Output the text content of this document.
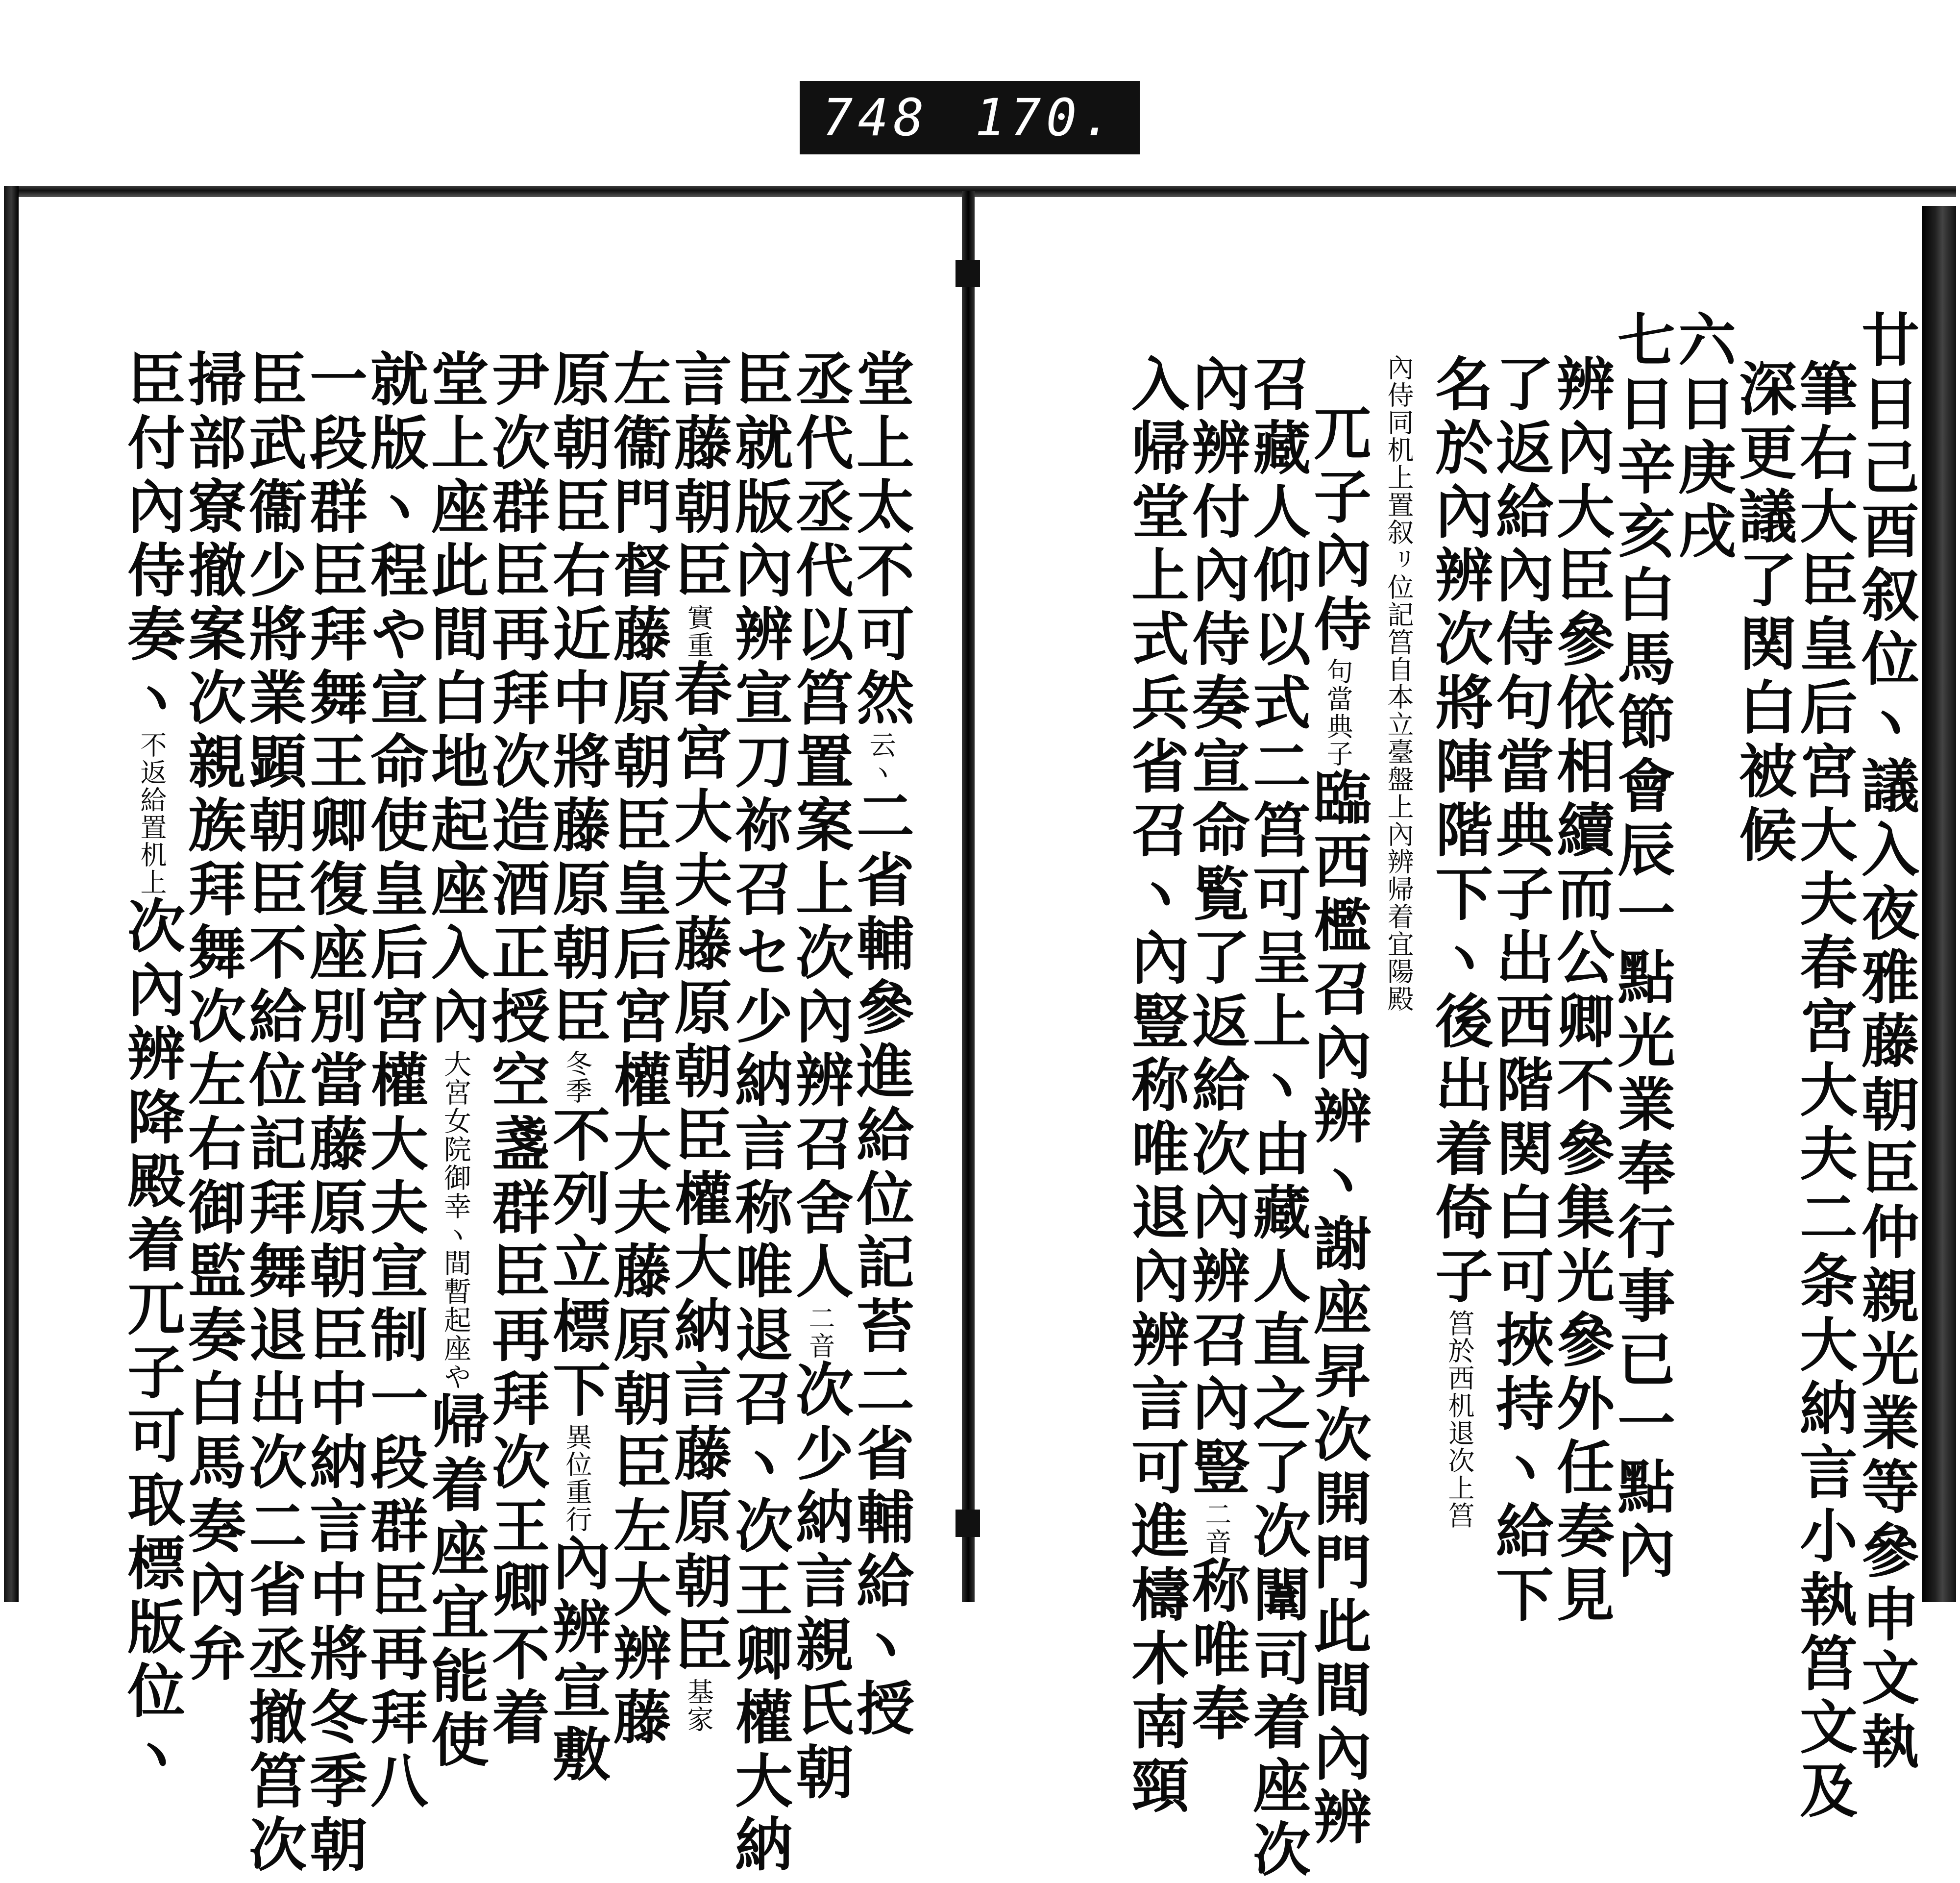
748 170.
廿日己酉叙位ヽ議入夜雅藤朝臣仲親光業等參申文執
筆右大臣皇后宮大夫春宮大夫二条大納言小執筥文及
深更議了関白被候
六日庚戌
七日辛亥白馬節會辰一點光業奉行事已一點內
辨內大臣參依相續而公卿不參集光參外任奏見
了返給內侍句當典子出西階関白可挾持ヽ給下
名於內辨次將陣階下ヽ後出着倚子筥於西机退次上筥
內侍同机上置叙ㇼ位記筥自本立臺盤上內辨帰着宜陽殿
兀子內侍句當典子臨西檻召內辨ヽ謝座昇次開門此間內辨
召藏人仰以式二筥可呈上ヽ由藏人直之了次闈司着座次
內辨付內侍奏宣命覧了返給次內辨召內豎二音称唯奉
入帰堂上式兵省召ヽ內豎称唯退內辨言可進檮木南頸
堂上太不可然云ヽ二省輔參進給位記苔二省輔給ヽ授
丞代丞代以筥置案上次內辨召舍人二音次少納言親氏朝
臣就版內辨宣刀祢召セ少納言称唯退召ヽ次王卿權大納
言藤朝臣實重春宮大夫藤原朝臣權大納言藤原朝臣基家
左衞門督藤原朝臣皇后宮權大夫藤原朝臣左大辨藤
原朝臣右近中將藤原朝臣冬季不列立標下異位重行內辨宣敷
尹次群臣再拜次造酒正授空盞群臣再拜次王卿不着
堂上座此間白地起座入內大宮女院御幸ヽ間暫起座や帰着座宜能使
就版ヽ程や宣命使皇后宮權大夫宣制一段群臣再拜八
一段群臣拜舞王卿復座別當藤原朝臣中納言中將冬季朝
臣武衞少將業顕朝臣不給位記拜舞退出次二省丞撤筥次
掃部寮撤案次親族拜舞次左右御監奏白馬奏內弁
臣付內侍奏ヽ不返給置机上次內辨降殿着兀子可取標版位ヽ
